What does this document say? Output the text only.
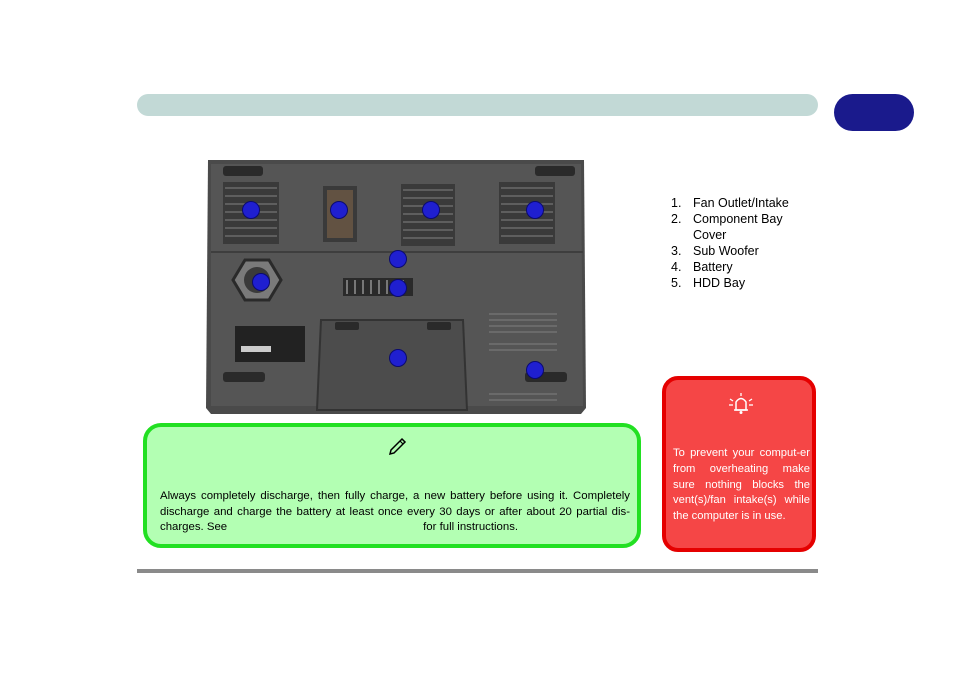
1. Fan Outlet/Intake
2. Component Bay Cover
3. Sub Woofer
4. Battery
5. HDD Bay
Always completely discharge, then fully charge, a new battery before using it. Completely discharge and charge the battery at least once every 30 days or after about 20 partial dis-charges. See	for full instructions.
To prevent your comput-er from overheating make sure nothing blocks the vent(s)/fan intake(s) while the computer is in use.
